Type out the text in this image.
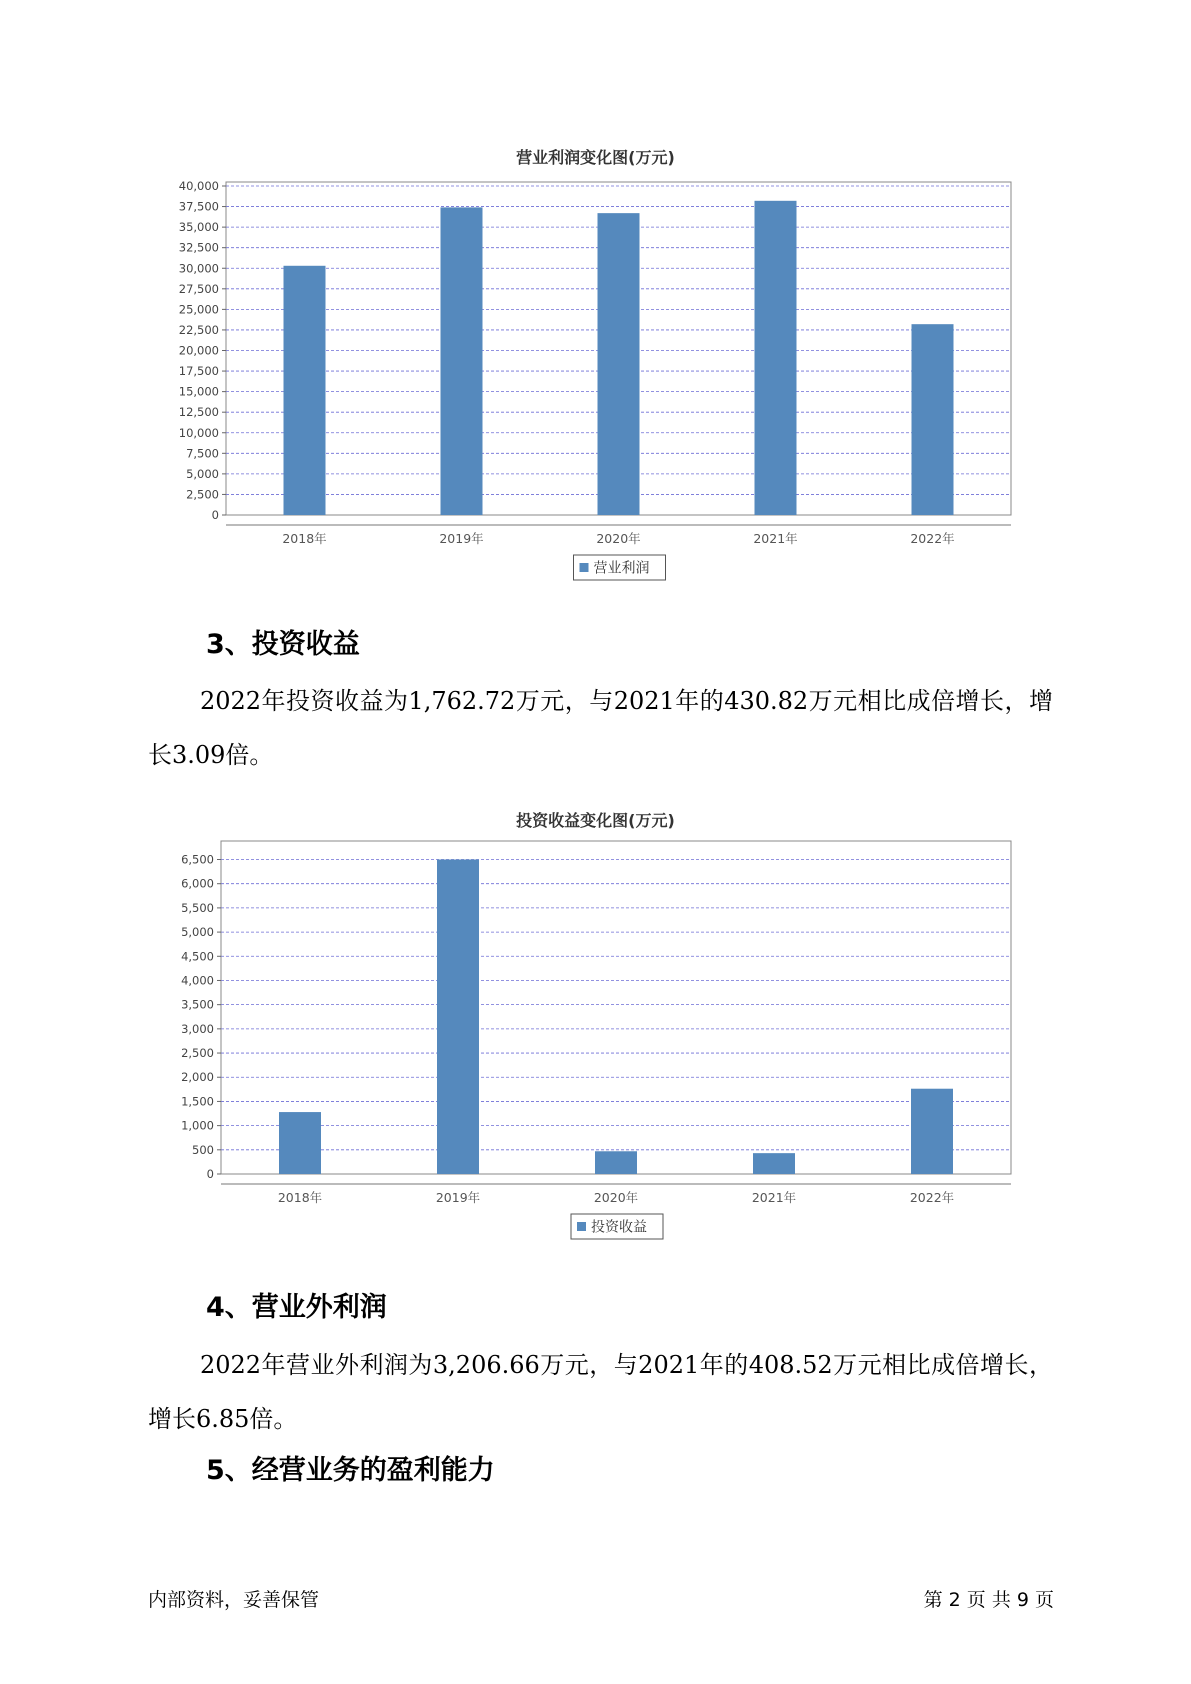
营业利润变化图(万元)
0
2,500
5,000
7,500
10,000
12,500
15,000
17,500
20,000
22,500
25,000
27,500
30,000
32,500
35,000
37,500
40,000
2018年	2019年	2020年	2021年	2022年
营业利润
3、投资收益

2022年投资收益为1,762.72万元，与2021年的430.82万元相比成倍增长，增长3.09倍。

投资收益变化图(万元)
0
500
1,000
1,500
2,000
2,500
3,000
3,500
4,000
4,500
5,000
5,500
6,000
6,500
2018年	2019年	2020年	2021年	2022年
投资收益
4、营业外利润

2022年营业外利润为3,206.66万元，与2021年的408.52万元相比成倍增长，增长6.85倍。

5、经营业务的盈利能力
内部资料，妥善保管	第 2 页 共 9 页
